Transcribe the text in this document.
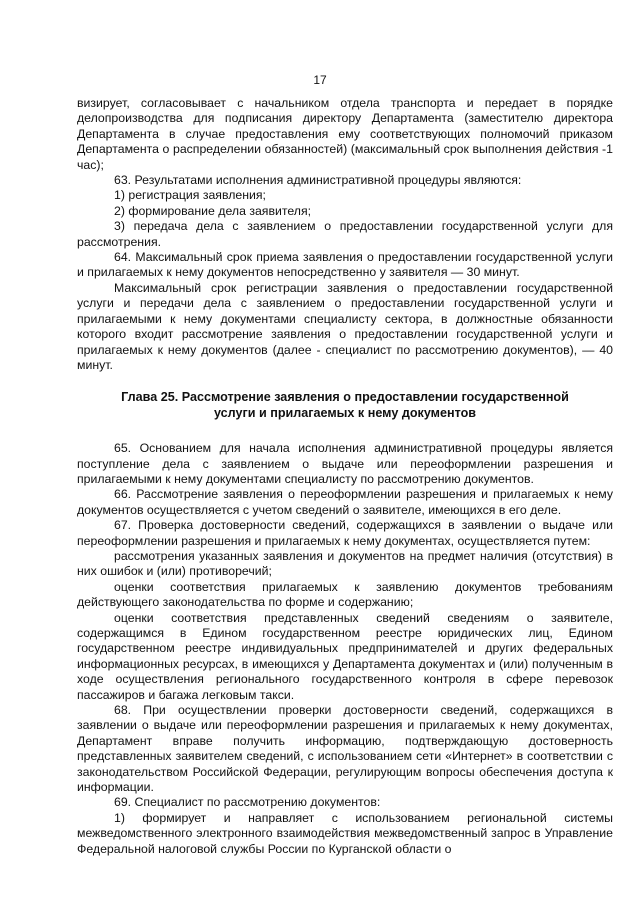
17

визирует, согласовывает с начальником отдела транспорта и передает в порядке делопроизводства для подписания директору Департамента (заместителю директора Департамента в случае предоставления ему соответствующих полномочий приказом Департамента о распределении обязанностей) (максимальный срок выполнения действия -1 час);

63. Результатами исполнения административной процедуры являются:

1) регистрация заявления;

2) формирование дела заявителя;

3) передача дела с заявлением о предоставлении государственной услуги для рассмотрения.

64. Максимальный срок приема заявления о предоставлении государственной услуги и прилагаемых к нему документов непосредственно у заявителя — 30 минут.

Максимальный срок регистрации заявления о предоставлении государственной услуги и передачи дела с заявлением о предоставлении государственной услуги и прилагаемыми к нему документами специалисту сектора, в должностные обязанности которого входит рассмотрение заявления о предоставлении государственной услуги и прилагаемых к нему документов (далее - специалист по рассмотрению документов), — 40 минут.

Глава 25. Рассмотрение заявления о предоставлении государственной
услуги и прилагаемых к нему документов

65. Основанием для начала исполнения административной процедуры является поступление дела с заявлением о выдаче или переоформлении разрешения и прилагаемыми к нему документами специалисту по рассмотрению документов.

66. Рассмотрение заявления о переоформлении разрешения и прилагаемых к нему документов осуществляется с учетом сведений о заявителе, имеющихся в его деле.

67. Проверка достоверности сведений, содержащихся в заявлении о выдаче или переоформлении разрешения и прилагаемых к нему документах, осуществляется путем:

рассмотрения указанных заявления и документов на предмет наличия (отсутствия) в них ошибок и (или) противоречий;

оценки соответствия прилагаемых к заявлению документов требованиям действующего законодательства по форме и содержанию;

оценки соответствия представленных сведений сведениям о заявителе, содержащимся в Едином государственном реестре юридических лиц, Едином государственном реестре индивидуальных предпринимателей и других федеральных информационных ресурсах, в имеющихся у Департамента документах и (или) полученным в ходе осуществления регионального государственного контроля в сфере перевозок пассажиров и багажа легковым такси.

68. При осуществлении проверки достоверности сведений, содержащихся в заявлении о выдаче или переоформлении разрешения и прилагаемых к нему документах, Департамент вправе получить информацию, подтверждающую достоверность представленных заявителем сведений, с использованием сети «Интернет» в соответствии с законодательством Российской Федерации, регулирующим вопросы обеспечения доступа к информации.

69. Специалист по рассмотрению документов:

1) формирует и направляет с использованием региональной системы межведомственного электронного взаимодействия межведомственный запрос в Управление Федеральной налоговой службы России по Курганской области о
